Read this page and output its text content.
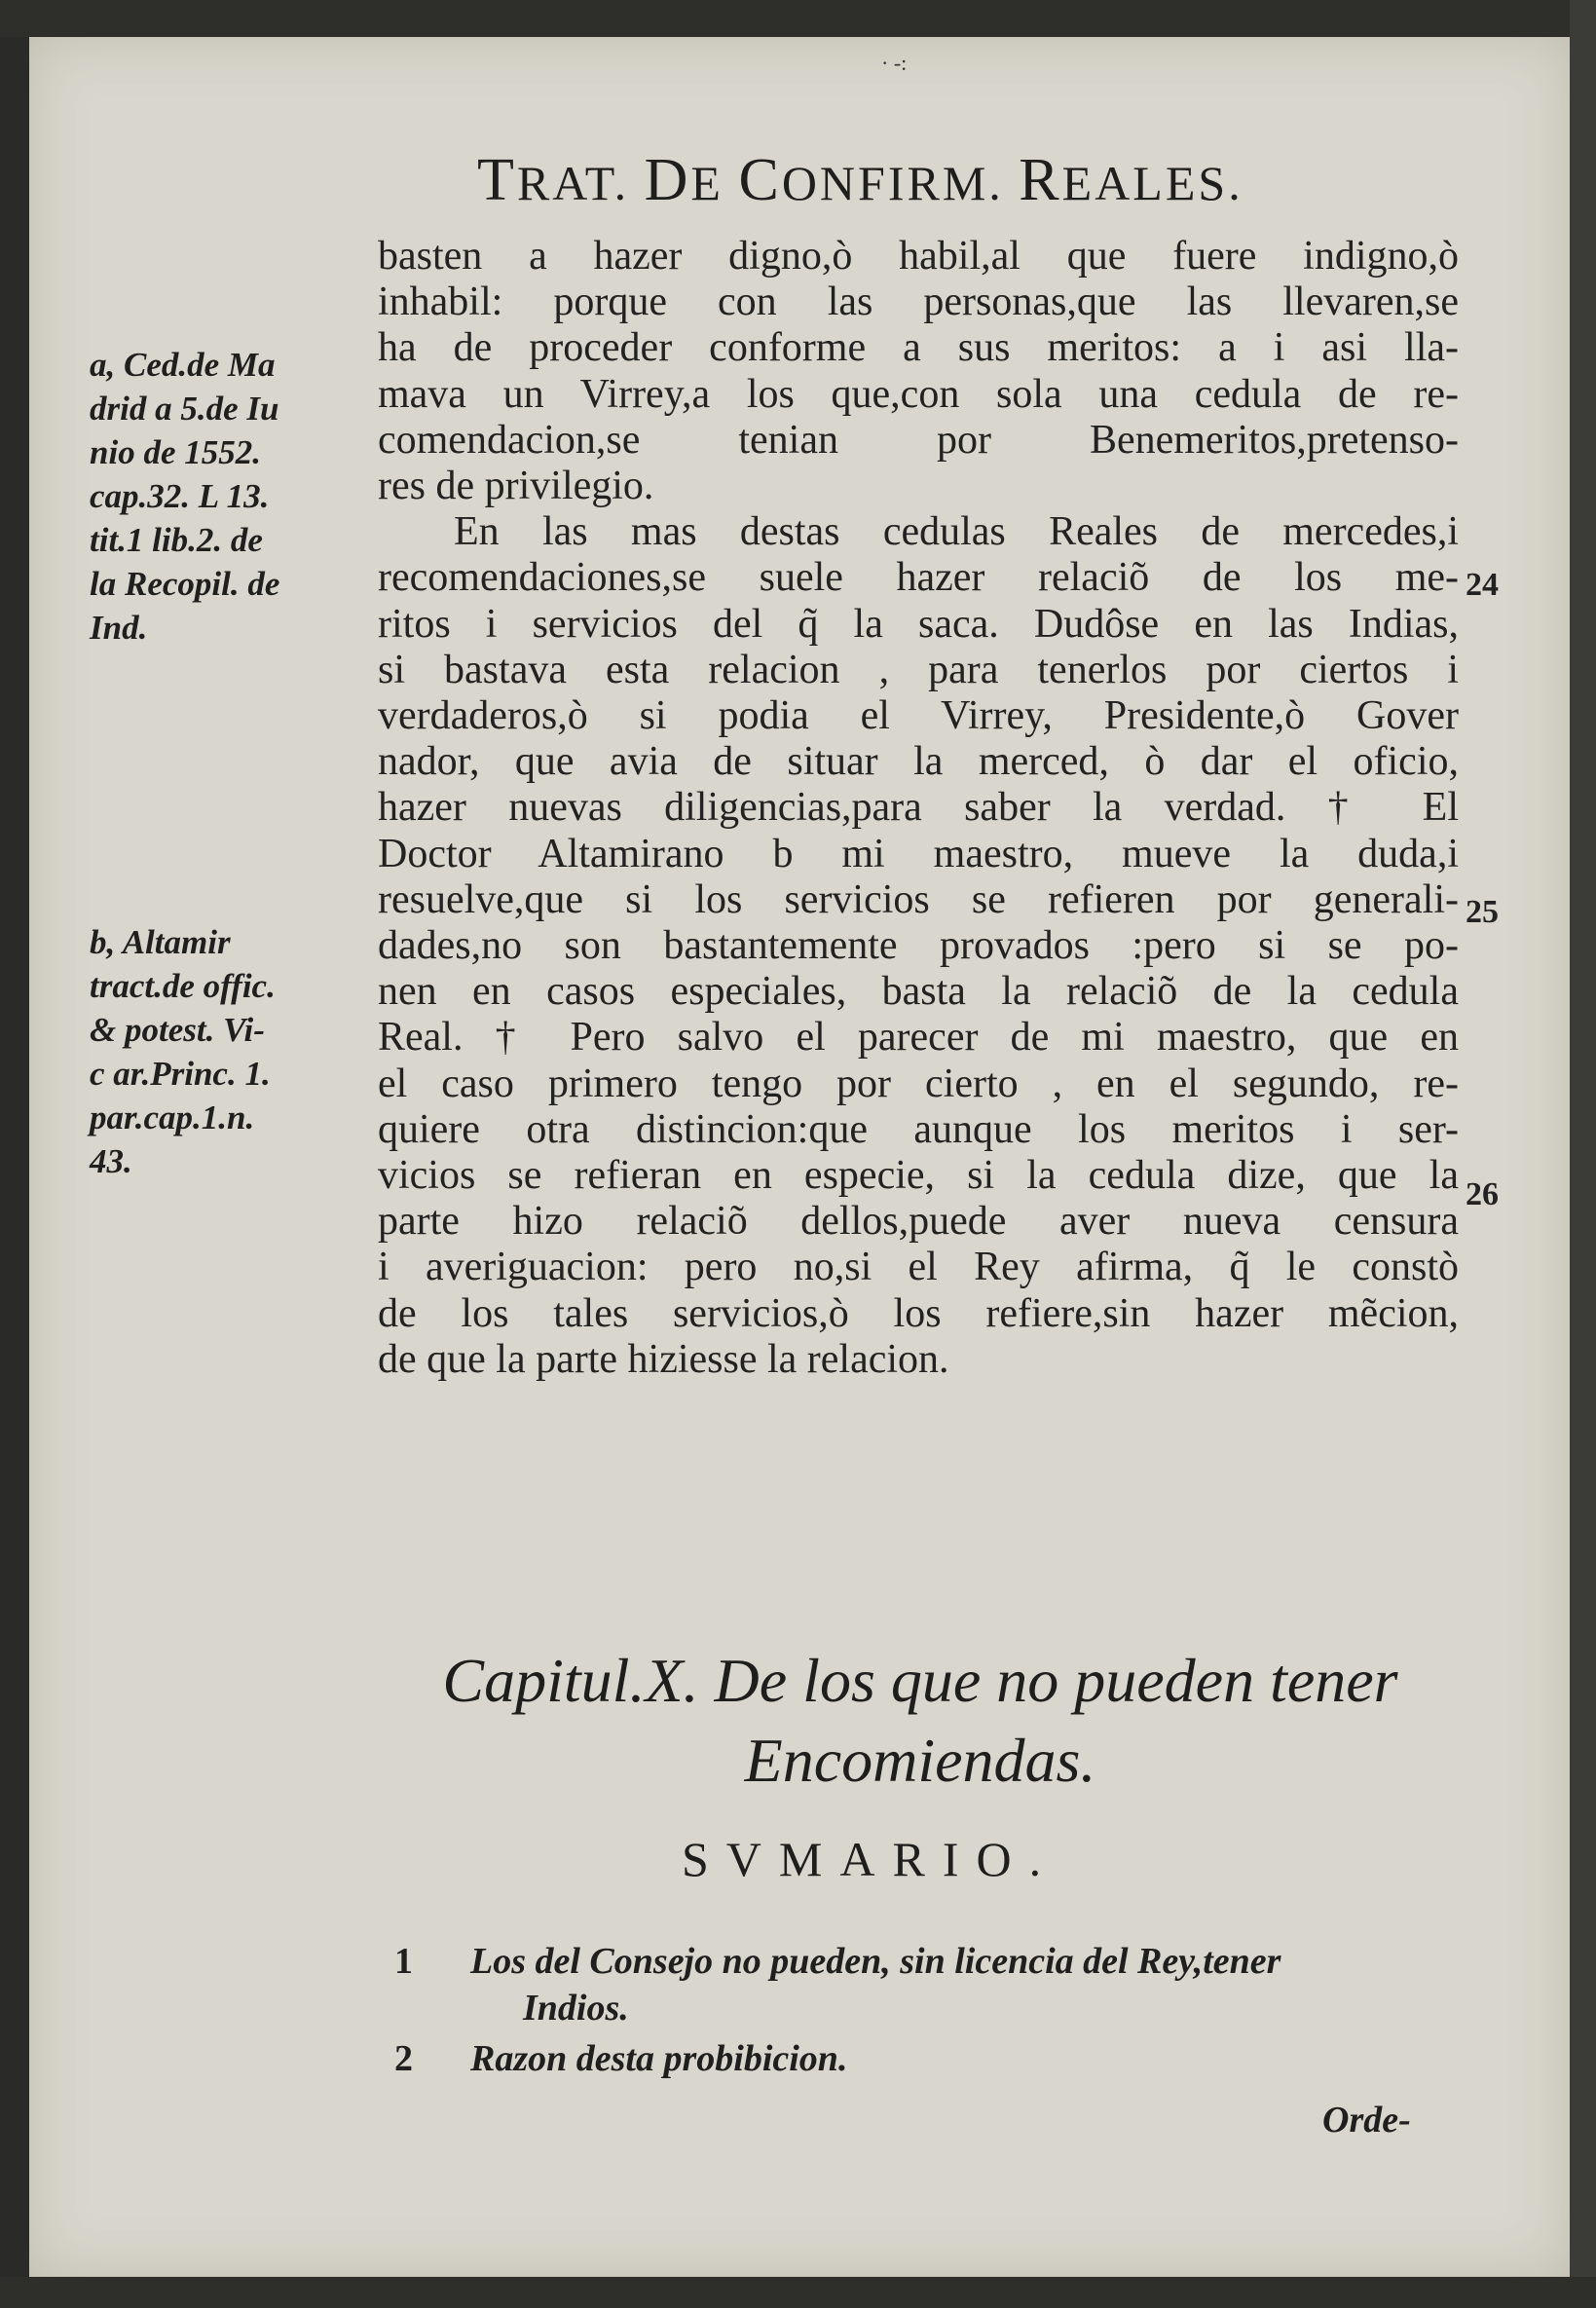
· -:
TRAT. DE CONFIRM. REALES.
basten a hazer digno,ò habil,al que fuere indigno,ò
inhabil: porque con las personas,que las llevaren,se
ha de proceder conforme a sus meritos: a i asi lla-
mava un Virrey,a los que,con sola una cedula de re-
comendacion,se tenian por Benemeritos,pretenso-
res de privilegio.
En las mas destas cedulas Reales de mercedes,i
recomendaciones,se suele hazer relaciõ de los me-
ritos i servicios del q̃ la saca. Dudôse en las Indias,
si bastava esta relacion , para tenerlos por ciertos i
verdaderos,ò si podia el Virrey, Presidente,ò Gover
nador, que avia de situar la merced, ò dar el oficio,
hazer nuevas diligencias,para saber la verdad. † El
Doctor Altamirano b mi maestro, mueve la duda,i
resuelve,que si los servicios se refieren por generali-
dades,no son bastantemente provados :pero si se po-
nen en casos especiales, basta la relaciõ de la cedula
Real. † Pero salvo el parecer de mi maestro, que en
el caso primero tengo por cierto , en el segundo, re-
quiere otra distincion:que aunque los meritos i ser-
vicios se refieran en especie, si la cedula dize, que la
parte hizo relaciõ dellos,puede aver nueva censura
i averiguacion: pero no,si el Rey afirma, q̃ le constò
de los tales servicios,ò los refiere,sin hazer mẽcion,
de que la parte hiziesse la relacion.
a, Ced.de Ma
drid a 5.de Iu
nio de 1552.
cap.32. L 13.
tit.1 lib.2. de
la Recopil. de
Ind.
b, Altamir
tract.de offic.
& potest. Vi-
c ar.Princ. 1.
par.cap.1.n.
43.
24
25
26
Capitul.X. De los que no pueden tener
Encomiendas.
SVMARIO.
1	Los del Consejo no pueden, sin licencia del Rey,tener
Indios.
2	Razon desta probibicion.
Orde-
